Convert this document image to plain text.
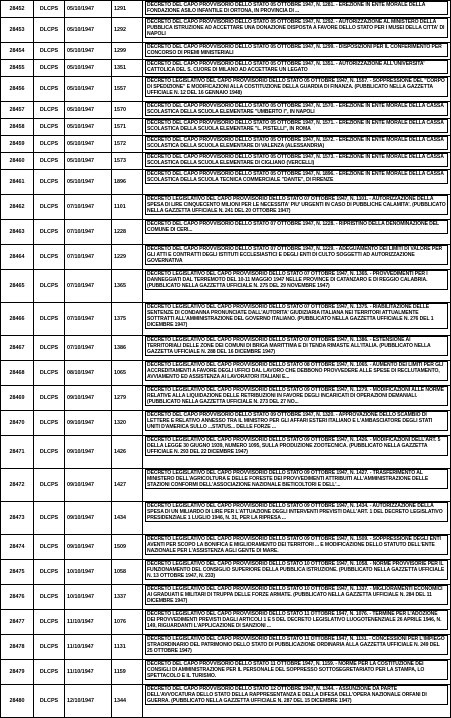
28452	DLCPS	05/10/1947	1291	DECRETO DEL CAPO PROVVISORIO DELLO STATO 05 OTTOBRE 1947, N. 1281. - EREZIONE IN ENTE MORALE DELLA FONDAZIONE ASILO INFANTILE DI ORTONA, IN PROVINCIA DI ...

28453	DLCPS	05/10/1947	1292	DECRETO DEL CAPO PROVVISORIO DELLO STATO 05 OTTOBRE 1947, N. 1292. - AUTORIZZAZIONE AL MINISTERO DELLA PUBBLICA ISTRUZIONE AD ACCETTARE UNA DONAZIONE DISPOSTA A FAVORE DELLO STATO PER I MUSEI DELLA CITTA' DI NAPOLI

28454	DLCPS	05/10/1947	1299	DECRETO DEL CAPO PROVVISORIO DELLO STATO 05 OTTOBRE 1947, N. 1299. - DISPOSIZIONI PER IL CONFERIMENTO PER CONCORSO DI PREMI MINISTERIALI

28455	DLCPS	05/10/1947	1351	DECRETO DEL CAPO PROVVISORIO DELLO STATO 05 OTTOBRE 1947, N. 1351. - AUTORIZZAZIONE ALL'UNIVERSITA' CATTOLICA DEL S. CUORE DI MILANO AD ACCETTARE UN LEGATO

28456	DLCPS	05/10/1947	1557	DECRETO LEGISLATIVO DEL CAPO PROVVISORIO DELLO STATO 05 OTTOBRE 1947, N. 1557. - SOPPRESSIONE DEL "CORPO DI SPEDIZIONE" E MODIFICAZIONI ALLA COSTITUZIONE DELLA GUARDIA DI FINANZA. (PUBBLICATO NELLA GAZZETTA UFFICIALE N. 12 DEL 16 GENNAIO 1948)

28457	DLCPS	05/10/1947	1570	DECRETO DEL CAPO PROVVISORIO DELLO STATO 05 OTTOBRE 1947, N. 1570. - EREZIONE IN ENTE MORALE DELLA CASSA SCOLASTICA DELLA SCUOLA ELEMENTARE "UMBERTO I", IN NAPOLI

28458	DLCPS	05/10/1947	1571	DECRETO DEL CAPO PROVVISORIO DELLO STATO 05 OTTOBRE 1947, N. 1571. - EREZIONE IN ENTE MORALE DELLA CASSA SCOLASTICA DELLA SCUOLA ELEMENTARE "L. PISTELLI", IN ROMA

28459	DLCPS	05/10/1947	1572	DECRETO DEL CAPO PROVVISORIO DELLO STATO 05 OTTOBRE 1947, N. 1572. - EREZIONE IN ENTE MORALE DELLA CASSA SCOLASTICA DELLA SCUOLA ELEMENTARE DI VALENZA (ALESSANDRIA)

28460	DLCPS	05/10/1947	1573	DECRETO DEL CAPO PROVVISORIO DELLO STATO 05 OTTOBRE 1947, N. 1573. - EREZIONE IN ENTE MORALE DELLA CASSA SCOLASTICA DELLA SCUOLA ELEMENTARE DI CIGLIANO (VERCELLI)

28461	DLCPS	05/10/1947	1896	DECRETO DEL CAPO PROVVISORIO DELLO STATO 05 OTTOBRE 1947, N. 1896. - EREZIONE IN ENTE MORALE DELLA CASSA SCOLASTICA DELLA SCUOLA TECNICA COMMERCIALE "DANTE", DI FIRENZE

28462	DLCPS	07/10/1947	1101	DECRETO LEGISLATIVO DEL CAPO PROVVISORIO DELLO STATO 07 OTTOBRE 1947, N. 1101. - AUTORIZZAZIONE DELLA SPESA DI LIRE CINQUECENTO MILIONI PER LE NECESSITA' PIU' URGENTI IN CASO DI PUBBLICHE CALAMITA'. (PUBBLICATO NELLA GAZZETTA UFFICIALE N. 241 DEL 20 OTTOBRE 1947)

28463	DLCPS	07/10/1947	1228	DECRETO DEL CAPO PROVVISORIO DELLO STATO 07 OTTOBRE 1947, N. 1228. - RIPRISTINO DELLA DENOMINAZIONE DEL COMUNE DI CERI...

28464	DLCPS	07/10/1947	1229	DECRETO DEL CAPO PROVVISORIO DELLO STATO 07 OTTOBRE 1947, N. 1229. - ADEGUAMENTO DEI LIMITI DI VALORE PER GLI ATTI E CONTRATTI DEGLI ISTITUTI ECCLESIASTICI E DEGLI ENTI DI CULTO SOGGETTI AD AUTORIZZAZIONE GOVERNATIVA

28465	DLCPS	07/10/1947	1365	DECRETO LEGISLATIVO DEL CAPO PROVVISORIO DELLO STATO 07 OTTOBRE 1947, N. 1365. - PROVVEDIMENTI PER I DANNEGGIATI DAL TERREMOTO DEL 10-11 MAGGIO 1947 NELLE PROVINCE DI CATANZARO E DI REGGIO CALABRIA. (PUBBLICATO NELLA GAZZETTA UFFICIALE N. 275 DEL 29 NOVEMBRE 1947)

28466	DLCPS	07/10/1947	1375	DECRETO LEGISLATIVO DEL CAPO PROVVISORIO DELLO STATO 07 OTTOBRE 1947, N. 1375. - RIABILITAZIONE DELLE SENTENZE DI CONDANNA PRONUNCIATE DALL'AUTORITA' GIUDIZIARIA ITALIANA NEI TERRITORI ATTUALMENTE SOTTRATTI ALL'AMMINISTRAZIONE DEL GOVERNO ITALIANO. (PUBBLICATO NELLA GAZZETTA UFFICIALE N. 276 DEL 1 DICEMBRE 1947)

28467	DLCPS	07/10/1947	1386	DECRETO LEGISLATIVO DEL CAPO PROVVISORIO DELLO STATO 07 OTTOBRE 1947, N. 1386. - ESTENSIONE AI TERRITORIALI DELLE ZONE DEI COMUNI DI BRIGA MARITTIMA E DI TENDA RIMASTE ALL'ITALIA. (PUBBLICATO NELLA GAZZETTA UFFICIALE N. 288 DEL 16 DICEMBRE 1947)

28468	DLCPS	08/10/1947	1065	DECRETO LEGISLATIVO DEL CAPO PROVVISORIO DELLO STATO 08 OTTOBRE 1947, N. 1065. - AUMENTO DEI LIMITI PER GLI ACCREDITAMENTI A FAVORE DEGLI UFFICI DAL LAVORO CHE DEBBONO PROVVEDERE ALLE SPESE DI RECLUTAMENTO, AVVIAMENTO ED ASSISTENZA AI LAVORATORI ITALIANI E...

28469	DLCPS	09/10/1947	1279	DECRETO LEGISLATIVO DEL CAPO PROVVISORIO DELLO STATO 09 OTTOBRE 1947, N. 1279. - MODIFICAZIONI ALLE NORME RELATIVE ALLA LIQUIDAZIONE DELLE RETRIBUZIONI IN FAVORE DEGLI INCARICATI DI OPERAZIONI DEMANIALI. (PUBBLICATO NELLA GAZZETTA UFFICIALE N. 273 DEL 27 NO...

28470	DLCPS	09/10/1947	1320	DECRETO DEL CAPO PROVVISORIO DELLO STATO 09 OTTOBRE 1947, N. 1320. - APPROVAZIONE DELLO SCAMBIO DI LETTERE E RELATIVO ANNESSO TRA IL MINISTRO PER GLI AFFARI ESTERI ITALIANO E L'AMBASCIATORE DEGLI STATI UNITI D'AMERICA SULLO ...STATUS... DELLE FORZE ...

28471	DLCPS	09/10/1947	1426	DECRETO LEGISLATIVO DEL CAPO PROVVISORIO DELLO STATO 09 OTTOBRE 1947, N. 1426. - MODIFICAZIONI DELL'ART. 5 DELLA LEGGE 30 GIUGNO 1939, NUMERO 1095, SULLA PRODUZIONE ZOOTECNICA. (PUBBLICATO NELLA GAZZETTA UFFICIALE N. 293 DEL 22 DICEMBRE 1947)

28472	DLCPS	09/10/1947	1427	DECRETO LEGISLATIVO DEL CAPO PROVVISORIO DELLO STATO 09 OTTOBRE 1947, N. 1427. - TRASFERIMENTO AL MINISTERO DELL'AGRICOLTURA E DELLE FORESTE DEI PROVVEDIMENTI ATTRIBUITI ALL'AMMINISTRAZIONE DELLE STAZIONI CONFORMI DELL'ASSOCIAZIONE NAZIONALE BIETICOLTORI E DELL'...

28473	DLCPS	09/10/1947	1434	DECRETO LEGISLATIVO DEL CAPO PROVVISORIO DELLO STATO 09 OTTOBRE 1947, N. 1434. - AUTORIZZAZIONE DELLA SPESA DI UN MILIARDO DI LIRE PER L'ATTUAZIONE DEGLI INTERVENTI PREVISTI DALL'ART. 1 DEL DECRETO LEGISLATIVO PRESIDENZIALE 1 LUGLIO 1946, N. 31, PER LA RIPRESA ...

28474	DLCPS	09/10/1947	1509	DECRETO LEGISLATIVO DEL CAPO PROVVISORIO DELLO STATO 09 OTTOBRE 1947, N. 1509. - SOPPRESSIONE DEGLI ENTI AVENTI PER SCOPO LA BONIFICA E MIGLIORAMENTO DEI TERRITORI ... E MODIFICAZIONE DELLO STATUTO DELL'ENTE NAZIONALE PER L'ASSISTENZA AGLI GENTE DI MARE.

28475	DLCPS	10/10/1947	1058	DECRETO LEGISLATIVO DEL CAPO PROVVISORIO DELLO STATO 10 OTTOBRE 1947, N. 1058. - NORME PROVVISORIE PER IL FUNZIONAMENTO DEL CONSIGLIO SUPERIORE DELLA PUBBLICA ISTRUZIONE. (PUBBLICATO NELLA GAZZETTA UFFICIALE N. 13 OTTOBRE 1947, N. 233)

28476	DLCPS	10/10/1947	1337	DECRETO LEGISLATIVO DEL CAPO PROVVISORIO DELLO STATO 10 OTTOBRE 1947, N. 1337. - MIGLIORAMENTI ECONOMICI AI GRADUATI E MILITARI DI TRUPPA DELLE FORZE ARMATE. (PUBBLICATO NELLA GAZZETTA UFFICIALE N. 284 DEL 11 DICEMBRE 1947)

28477	DLCPS	11/10/1947	1076	DECRETO LEGISLATIVO DEL CAPO PROVVISORIO DELLO STATO 11 OTTOBRE 1947, N. 1076. - TERMINE PER L'ADOZIONE DEI PROVVEDIMENTI PREVISTI DAGLI ARTICOLI 1 E 5 DEL DECRETO LEGISLATIVO LUOGOTENENZIALE 26 APRILE 1946, N. 149, RIGUARDANTI L'APPLICAZIONE DI SANZIONI ...

28478	DLCPS	11/10/1947	1131	DECRETO LEGISLATIVO DEL CAPO PROVVISORIO DELLO STATO 11 OTTOBRE 1947, N. 1131. - CONCESSIONI PER L'IMPIEGO STRAORDINARIO DEL PATRIMONIO DELLO STATO DI PUBBLICAZIONE ORDINARIA ALLA GAZZETTA UFFICIALE N. 249 DEL 25 OTTOBRE 1947)

28479	DLCPS	11/10/1947	1159	DECRETO DEL CAPO PROVVISORIO DELLO STATO 11 OTTOBRE 1947, N. 1159. - NORME PER LA COSTITUZIONE DEI CONSIGLI DI AMMINISTRAZIONE PER IL PERSONALE DEL SOPPRESSO SOTTOSEGRETARIATO PER LA STAMPA, LO SPETTACOLO E IL TURISMO.

28480	DLCPS	12/10/1947	1344	DECRETO DEL CAPO PROVVISORIO DELLO STATO 12 OTTOBRE 1947, N. 1344. - ASSUNZIONE DA PARTE DELL'AVVOCATURA DELLO STATO DELLA RAPPRESENTANZA E DELLA DIFESA DELL'OPERA NAZIONALE ORFANI DI GUERRA. (PUBBLICATO NELLA GAZZETTA UFFICIALE N. 287 DEL 15 DICEMBRE 1947)
